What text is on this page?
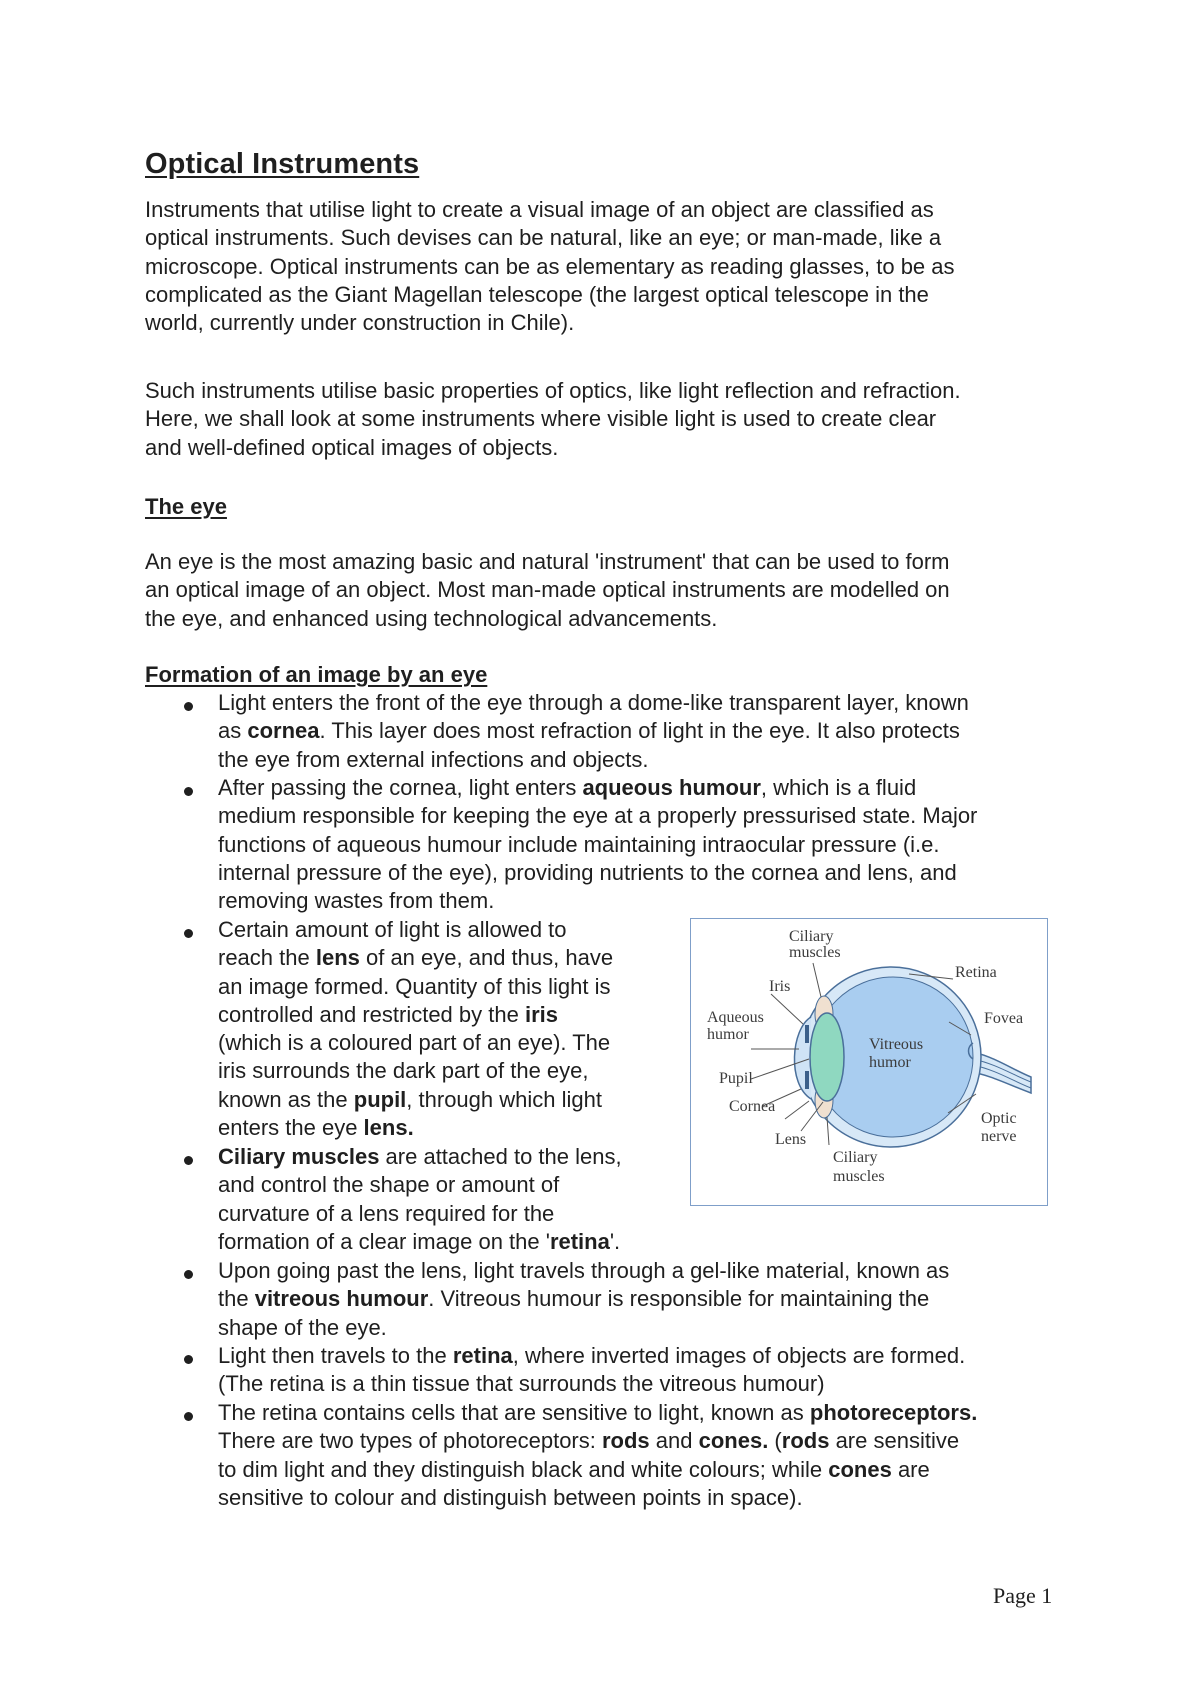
Optical Instruments
Instruments that utilise light to create a visual image of an object are classified as
optical instruments. Such devises can be natural, like an eye; or man-made, like a
microscope. Optical instruments can be as elementary as reading glasses, to be as
complicated as the Giant Magellan telescope (the largest optical telescope in the
world, currently under construction in Chile).
Such instruments utilise basic properties of optics, like light reflection and refraction.
Here, we shall look at some instruments where visible light is used to create clear
and well-defined optical images of objects.
The eye
An eye is the most amazing basic and natural 'instrument' that can be used to form
an optical image of an object. Most man-made optical instruments are modelled on
the eye, and enhanced using technological advancements.
Formation of an image by an eye
Light enters the front of the eye through a dome-like transparent layer, known
as cornea. This layer does most refraction of light in the eye. It also protects
the eye from external infections and objects.
After passing the cornea, light enters aqueous humour, which is a fluid
medium responsible for keeping the eye at a properly pressurised state. Major
functions of aqueous humour include maintaining intraocular pressure (i.e.
internal pressure of the eye), providing nutrients to the cornea and lens, and
removing wastes from them.
Certain amount of light is allowed to
reach the lens of an eye, and thus, have
an image formed. Quantity of this light is
controlled and restricted by the iris
(which is a coloured part of an eye). The
iris surrounds the dark part of the eye,
known as the pupil, through which light
enters the eye lens.
Ciliary muscles are attached to the lens,
and control the shape or amount of
curvature of a lens required for the
formation of a clear image on the 'retina'.
Upon going past the lens, light travels through a gel-like material, known as
the vitreous humour. Vitreous humour is responsible for maintaining the
shape of the eye.
Light then travels to the retina, where inverted images of objects are formed.
(The retina is a thin tissue that surrounds the vitreous humour)
The retina contains cells that are sensitive to light, known as photoreceptors.
There are two types of photoreceptors: rods and cones. (rods are sensitive
to dim light and they distinguish black and white colours; while cones are
sensitive to colour and distinguish between points in space).
Ciliary
muscles
Retina
Iris
Fovea
Aqueous
humor
Vitreous
humor
Pupil
Cornea
Optic
nerve
Lens
Ciliary
muscles
Page 1
